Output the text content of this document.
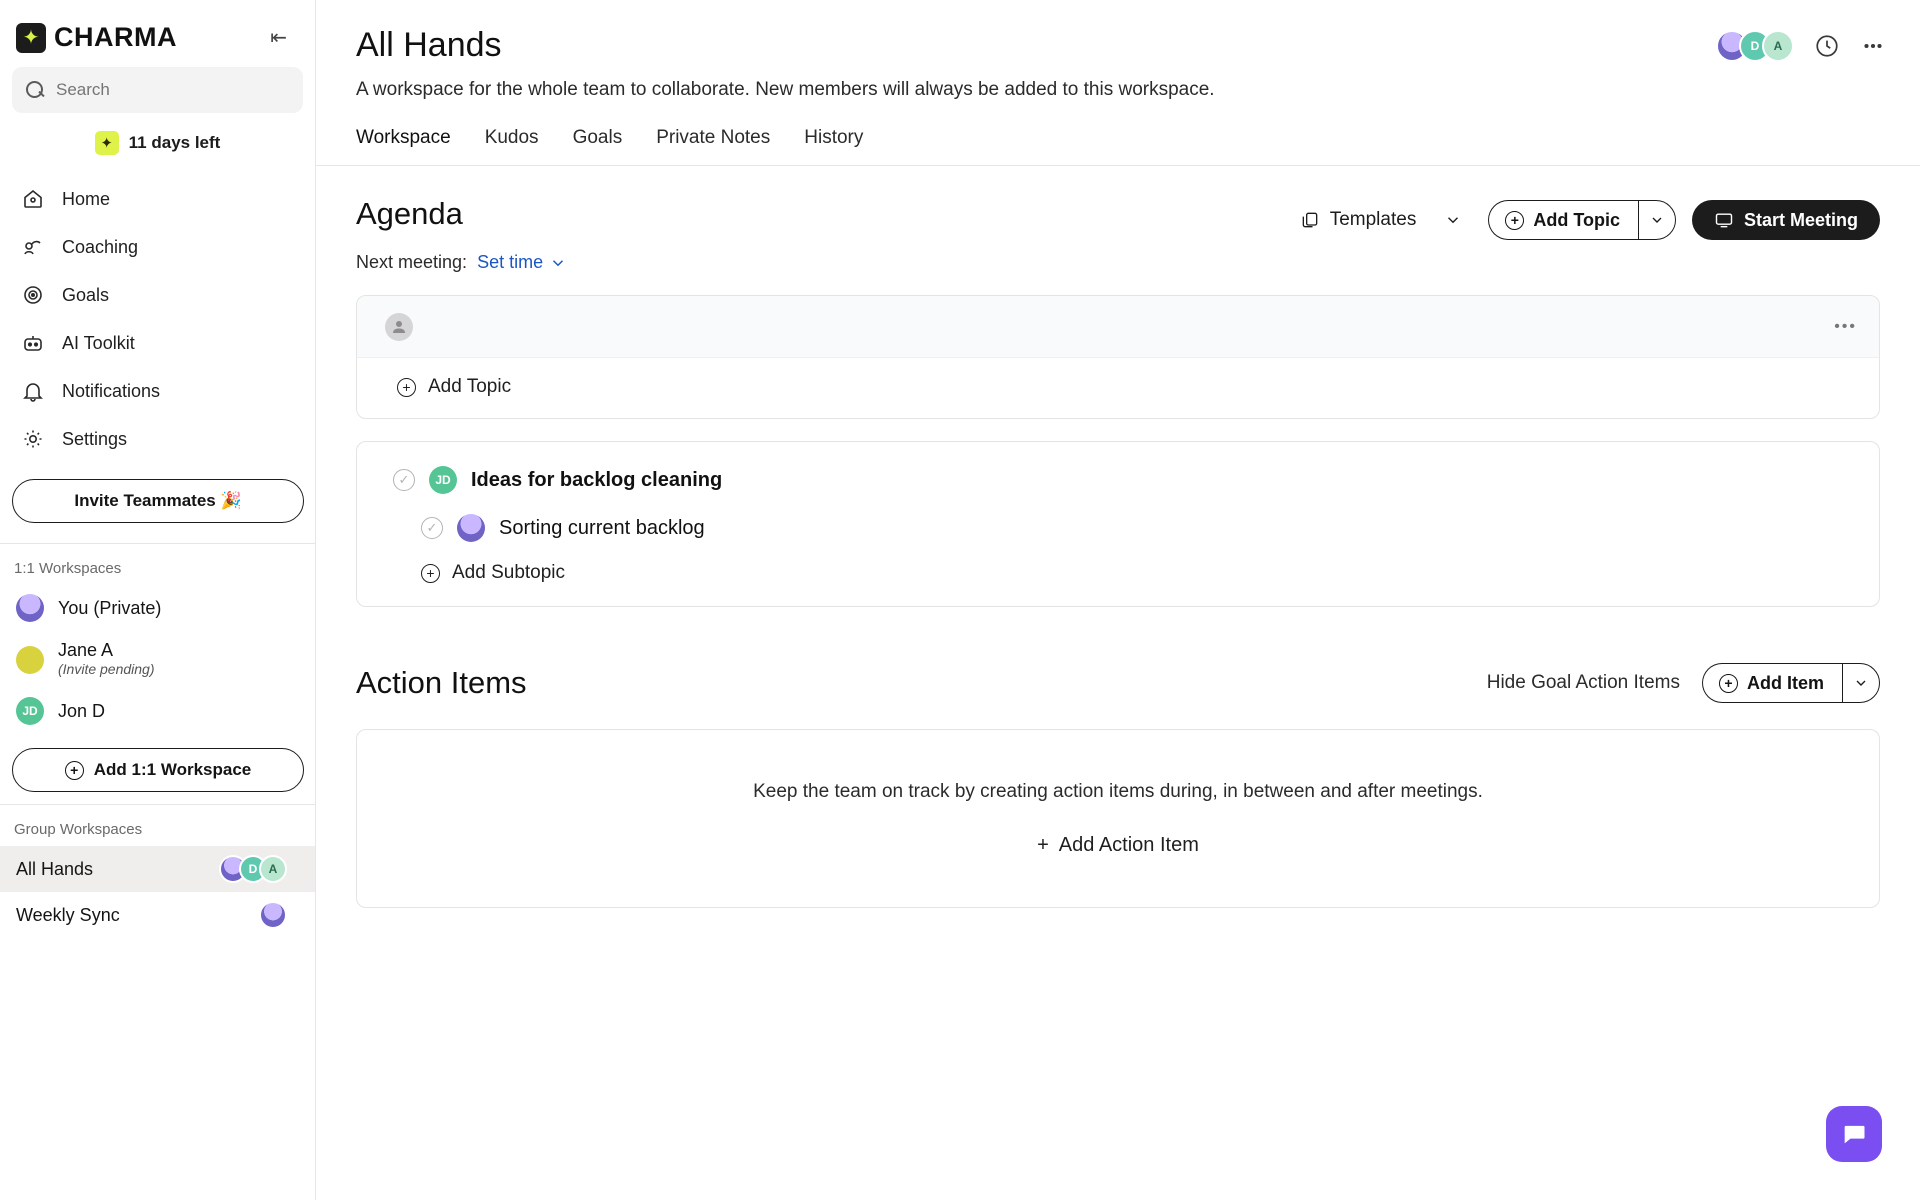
✦ CHARMA	⇤
Search
✦ 11 days left
Home
Coaching
Goals
AI Toolkit
Notifications
Settings
Invite Teammates 🎉
1:1 Workspaces
You (Private)
Jane A
(Invite pending)
JD	Jon D
+ Add 1:1 Workspace
Group Workspaces
All Hands	D A
Weekly Sync
All Hands

A workspace for the whole team to collaborate. New members will always be added to this workspace.

D	A
Workspace Kudos Goals Private Notes History
Agenda
Next meeting: Set time
Templates	+ Add Topic	Start Meeting
•••
+ Add Topic
✓	JD	Ideas for backlog cleaning
✓	Sorting current backlog
+ Add Subtopic
Action Items	Hide Goal Action Items	+ Add Item
Keep the team on track by creating action items during, in between and after meetings.
+ Add Action Item
